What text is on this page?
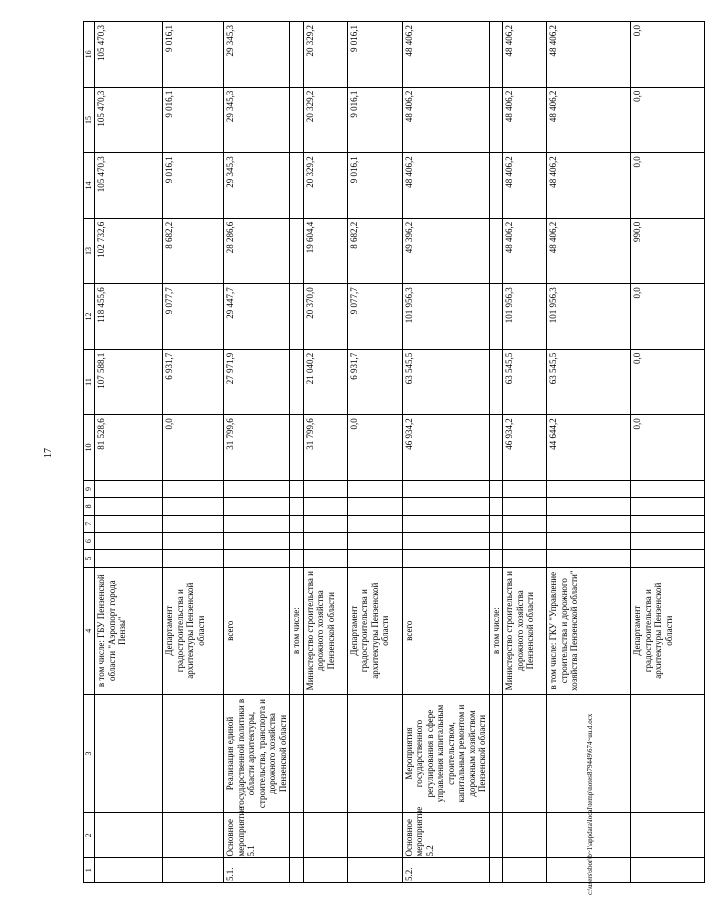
17
1	2	3	4	5	6	7	8	9	10	11	12	13	14	15	16
			в том числе: ГБУ Пензенской области "Аэропорт города Пензы"						81 528,6	107 588,1	118 455,6	102 732,6	105 470,3	105 470,3	105 470,3
			Департамент градостроительства и архитектуры Пензенской области						0,0	6 931,7	9 077,7	8 682,2	9 016,1	9 016,1	9 016,1
5.1.	Основное мероприятие 5.1	Реализация единой государственной политики в области архитектуры, строительства, транспорта и дорожного хозяйства Пензенской области	всего						31 799,6	27 971,9	29 447,7	28 286,6	29 345,3	29 345,3	29 345,3
			в том числе:												
			Министерство строительства и дорожного хозяйства Пензенской области						31 799,6	21 040,2	20 370,0	19 604,4	20 329,2	20 329,2	20 329,2
			Департамент градостроительства и архитектуры Пензенской области						0,0	6 931,7	9 077,7	8 682,2	9 016,1	9 016,1	9 016,1
5.2.	Основное мероприятие 5.2	Мероприятия государственного регулирования в сфере управления капитальным строительством, капитальным ремонтом и дорожным хозяйством Пензенской области	всего						46 934,2	63 545,5	101 956,3	49 396,2	48 406,2	48 406,2	48 406,2
			в том числе:												
			Министерство строительства и дорожного хозяйства Пензенской области						46 934,2	63 545,5	101 956,3	48 406,2	48 406,2	48 406,2	48 406,2
			в том числе: ГКУ "Управление строительства и дорожного хозяйства Пензенской области"						44 644,2	63 545,5	101 956,3	48 406,2	48 406,2	48 406,2	48 406,2
			Департамент градостроительства и архитектуры Пензенской области						0,0	0,0	0,0	990,0	0,0	0,0	0,0
c:\users\sbor\b~1\appdata\local\temp\notes879449\674~uu.d.ocx
